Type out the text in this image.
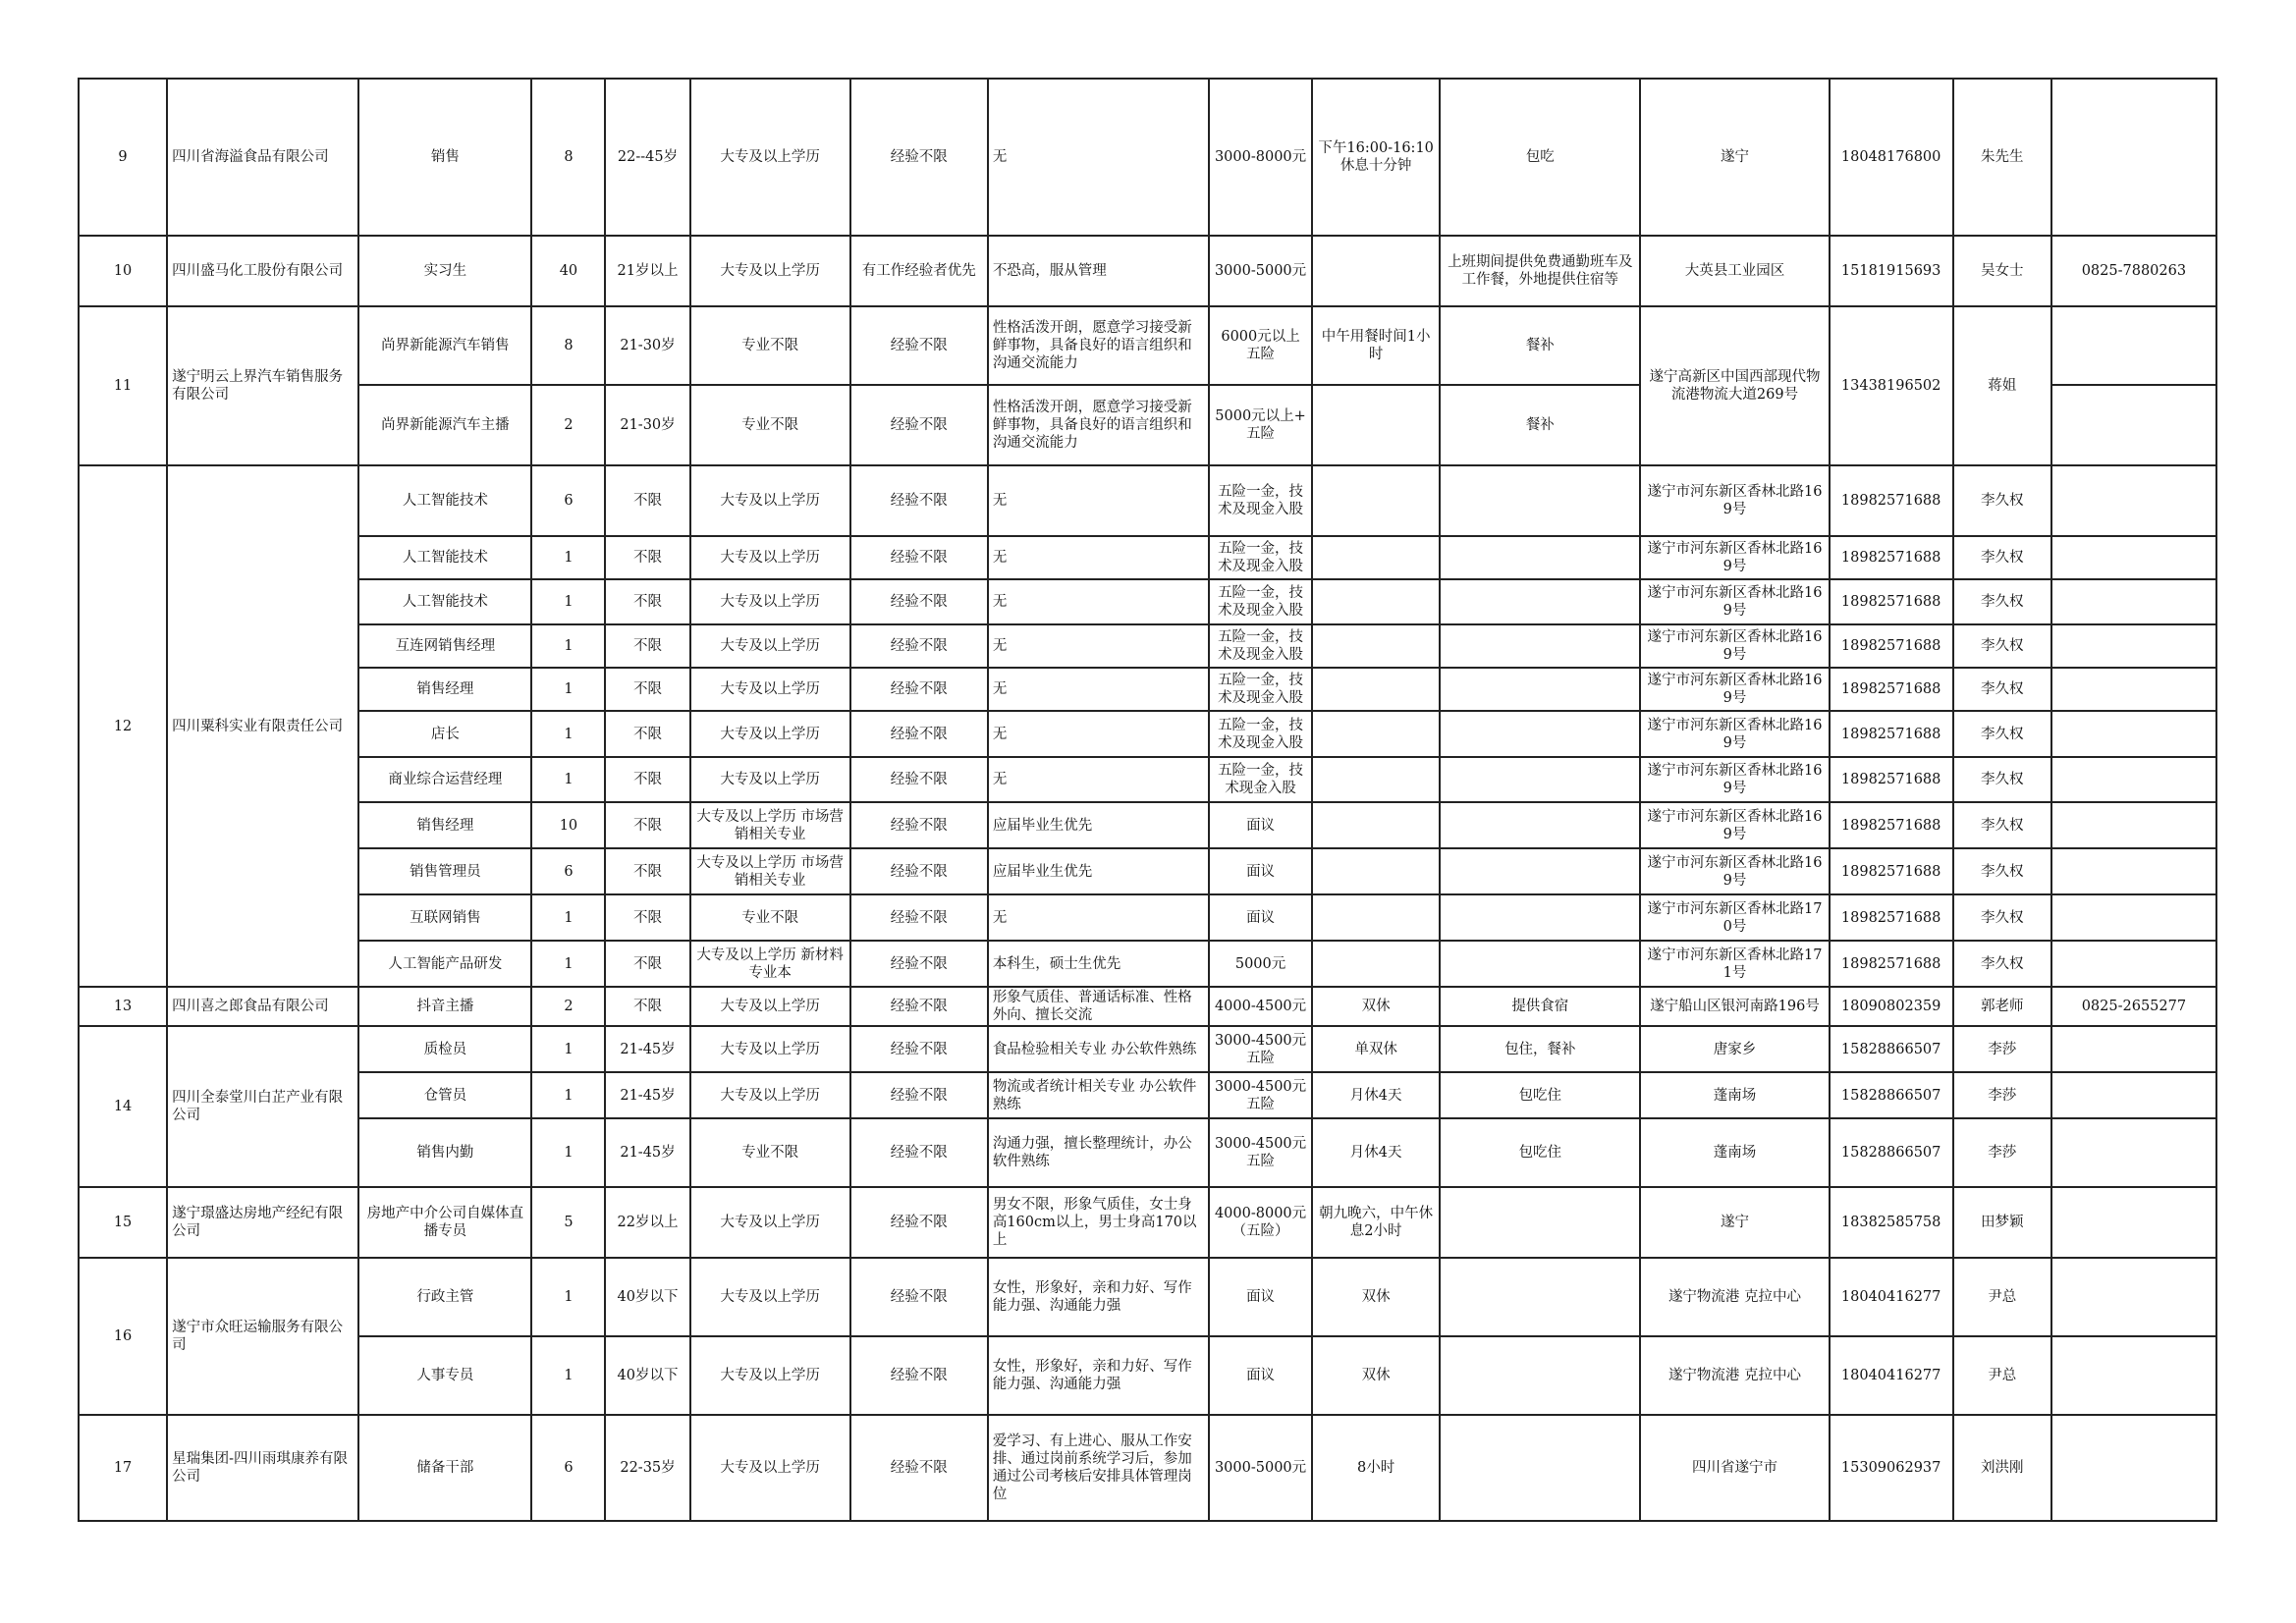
9	四川省海溢食品有限公司	销售	8	22--45岁	大专及以上学历	经验不限	无	3000-8000元	下午16:00-16:10 休息十分钟	包吃	遂宁	18048176800	朱先生	
10	四川盛马化工股份有限公司	实习生	40	21岁以上	大专及以上学历	有工作经验者优先	不恐高，服从管理	3000-5000元		上班期间提供免费通勤班车及工作餐，外地提供住宿等	大英县工业园区	15181915693	吴女士	0825-7880263
11	遂宁明云上界汽车销售服务有限公司	尚界新能源汽车销售	8	21-30岁	专业不限	经验不限	性格活泼开朗，愿意学习接受新鲜事物，具备良好的语言组织和沟通交流能力	6000元以上 五险	中午用餐时间1小时	餐补	遂宁高新区中国西部现代物流港物流大道269号	13438196502	蒋姐	
		尚界新能源汽车主播	2	21-30岁	专业不限	经验不限	性格活泼开朗，愿意学习接受新鲜事物，具备良好的语言组织和沟通交流能力	5000元以上+ 五险		餐补				
12	四川粟科实业有限责任公司	人工智能技术	6	不限	大专及以上学历	经验不限	无	五险一金，技术及现金入股			遂宁市河东新区香林北路169号	18982571688	李久权	
		人工智能技术	1	不限	大专及以上学历	经验不限	无	五险一金，技术及现金入股			遂宁市河东新区香林北路169号	18982571688	李久权	
		人工智能技术	1	不限	大专及以上学历	经验不限	无	五险一金，技术及现金入股			遂宁市河东新区香林北路169号	18982571688	李久权	
		互连网销售经理	1	不限	大专及以上学历	经验不限	无	五险一金，技术及现金入股			遂宁市河东新区香林北路169号	18982571688	李久权	
		销售经理	1	不限	大专及以上学历	经验不限	无	五险一金，技术及现金入股			遂宁市河东新区香林北路169号	18982571688	李久权	
		店长	1	不限	大专及以上学历	经验不限	无	五险一金，技术及现金入股			遂宁市河东新区香林北路169号	18982571688	李久权	
		商业综合运营经理	1	不限	大专及以上学历	经验不限	无	五险一金，技术现金入股			遂宁市河东新区香林北路169号	18982571688	李久权	
		销售经理	10	不限	大专及以上学历 市场营销相关专业	经验不限	应届毕业生优先	面议			遂宁市河东新区香林北路169号	18982571688	李久权	
		销售管理员	6	不限	大专及以上学历 市场营销相关专业	经验不限	应届毕业生优先	面议			遂宁市河东新区香林北路169号	18982571688	李久权	
		互联网销售	1	不限	专业不限	经验不限	无	面议			遂宁市河东新区香林北路170号	18982571688	李久权	
		人工智能产品研发	1	不限	大专及以上学历 新材料专业本	经验不限	本科生，硕士生优先	5000元			遂宁市河东新区香林北路171号	18982571688	李久权	
13	四川喜之郎食品有限公司	抖音主播	2	不限	大专及以上学历	经验不限	形象气质佳、普通话标准、性格外向、擅长交流	4000-4500元	双休	提供食宿	遂宁船山区银河南路196号	18090802359	郭老师	0825-2655277
14	四川全泰堂川白芷产业有限公司	质检员	1	21-45岁	大专及以上学历	经验不限	食品检验相关专业 办公软件熟练	3000-4500元 五险	单双休	包住，餐补	唐家乡	15828866507	李莎	
		仓管员	1	21-45岁	大专及以上学历	经验不限	物流或者统计相关专业 办公软件熟练	3000-4500元 五险	月休4天	包吃住	蓬南场	15828866507	李莎	
		销售内勤	1	21-45岁	专业不限	经验不限	沟通力强，擅长整理统计，办公软件熟练	3000-4500元 五险	月休4天	包吃住	蓬南场	15828866507	李莎	
15	遂宁璟盛达房地产经纪有限公司	房地产中介公司自媒体直播专员	5	22岁以上	大专及以上学历	经验不限	男女不限，形象气质佳，女士身高160cm以上，男士身高170以上	4000-8000元 （五险）	朝九晚六，中午休息2小时		遂宁	18382585758	田梦颖	
16	遂宁市众旺运输服务有限公司	行政主管	1	40岁以下	大专及以上学历	经验不限	女性，形象好，亲和力好、写作能力强、沟通能力强	面议	双休		遂宁物流港 克拉中心	18040416277	尹总	
		人事专员	1	40岁以下	大专及以上学历	经验不限	女性，形象好，亲和力好、写作能力强、沟通能力强	面议	双休		遂宁物流港 克拉中心	18040416277	尹总	
17	星瑞集团-四川雨琪康养有限公司	储备干部	6	22-35岁	大专及以上学历	经验不限	爱学习、有上进心、服从工作安排、通过岗前系统学习后，参加通过公司考核后安排具体管理岗位	3000-5000元	8小时		四川省遂宁市	15309062937	刘洪刚	
